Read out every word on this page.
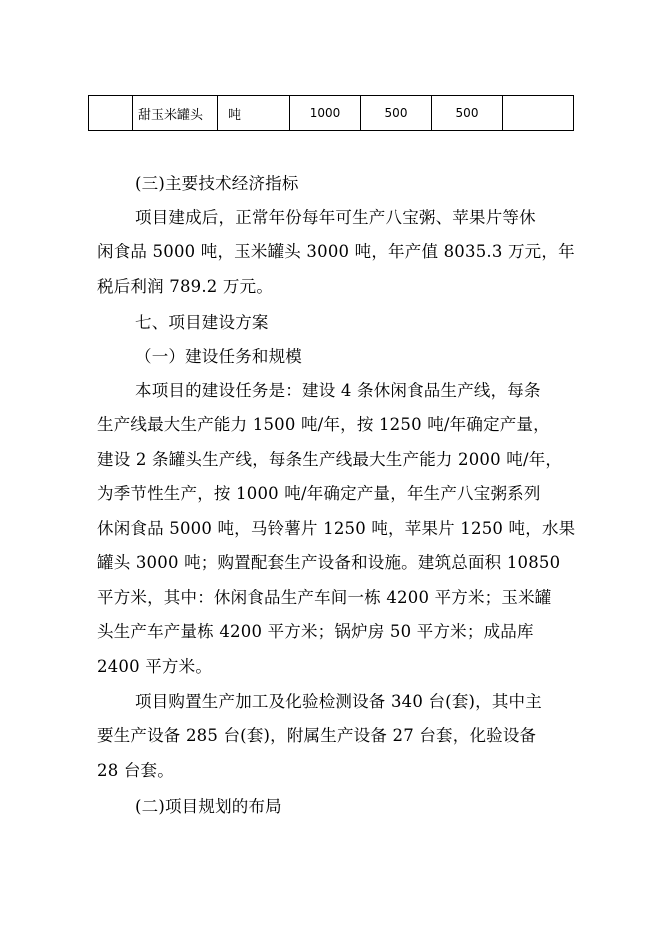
	甜玉米罐头	吨	1000	500	500	
(三)主要技术经济指标
项目建成后，正常年份每年可生产八宝粥、苹果片等休
闲食品 5000 吨，玉米罐头 3000 吨，年产值 8035.3 万元，年
税后利润 789.2 万元。
七、项目建设方案
（一）建设任务和规模
本项目的建设任务是：建设 4 条休闲食品生产线，每条
生产线最大生产能力 1500 吨/年，按 1250 吨/年确定产量，
建设 2 条罐头生产线，每条生产线最大生产能力 2000 吨/年，
为季节性生产，按 1000 吨/年确定产量，年生产八宝粥系列
休闲食品 5000 吨，马铃薯片 1250 吨，苹果片 1250 吨，水果
罐头 3000 吨；购置配套生产设备和设施。建筑总面积 10850
平方米，其中：休闲食品生产车间一栋 4200 平方米；玉米罐
头生产车产量栋 4200 平方米；锅炉房 50 平方米；成品库
2400 平方米。
项目购置生产加工及化验检测设备 340 台(套)，其中主
要生产设备 285 台(套)，附属生产设备 27 台套，化验设备
28 台套。
(二)项目规划的布局
